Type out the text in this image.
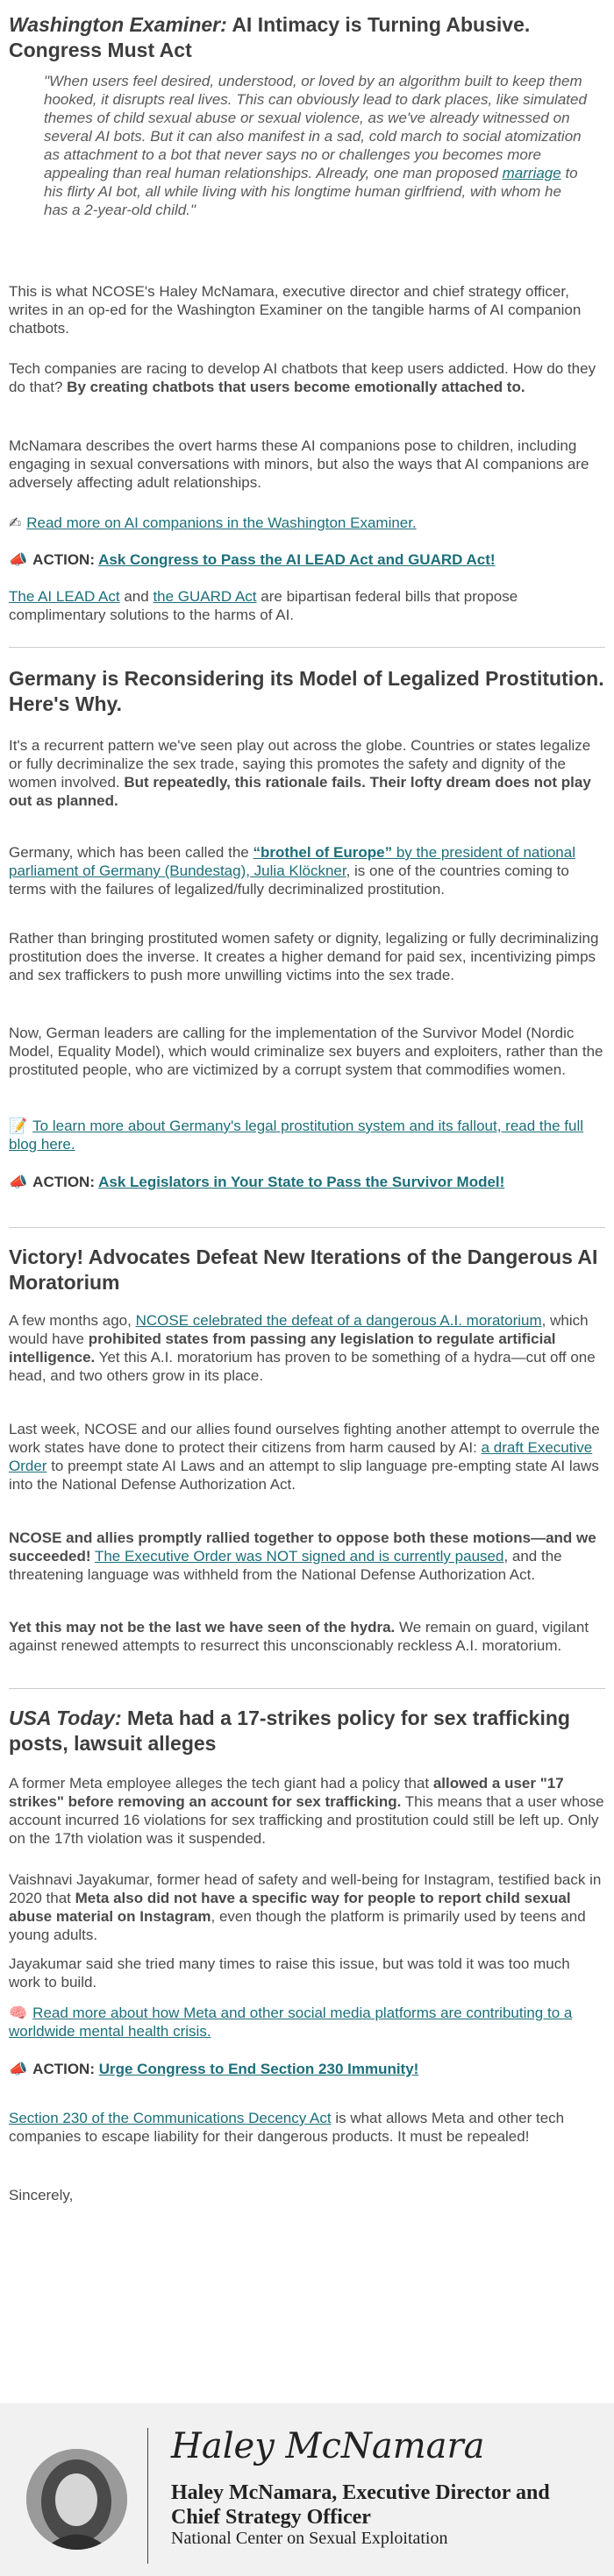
Washington Examiner: AI Intimacy is Turning Abusive. Congress Must Act

"When users feel desired, understood, or loved by an algorithm built to keep them hooked, it disrupts real lives. This can obviously lead to dark places, like simulated themes of child sexual abuse or sexual violence, as we've already witnessed on several AI bots. But it can also manifest in a sad, cold march to social atomization as attachment to a bot that never says no or challenges you becomes more appealing than real human relationships. Already, one man proposed marriage to his flirty AI bot, all while living with his longtime human girlfriend, with whom he has a 2-year-old child."

This is what NCOSE's Haley McNamara, executive director and chief strategy officer, writes in an op-ed for the Washington Examiner on the tangible harms of AI companion chatbots.

Tech companies are racing to develop AI chatbots that keep users addicted. How do they do that? By creating chatbots that users become emotionally attached to.

McNamara describes the overt harms these AI companions pose to children, including engaging in sexual conversations with minors, but also the ways that AI companions are adversely affecting adult relationships.

✍ Read more on AI companions in the Washington Examiner.

📣 ACTION: Ask Congress to Pass the AI LEAD Act and GUARD Act!

The AI LEAD Act and the GUARD Act are bipartisan federal bills that propose complimentary solutions to the harms of AI.

Germany is Reconsidering its Model of Legalized Prostitution. Here's Why.

It's a recurrent pattern we've seen play out across the globe. Countries or states legalize or fully decriminalize the sex trade, saying this promotes the safety and dignity of the women involved. But repeatedly, this rationale fails. Their lofty dream does not play out as planned.

Germany, which has been called the “brothel of Europe” by the president of national parliament of Germany (Bundestag), Julia Klöckner, is one of the countries coming to terms with the failures of legalized/fully decriminalized prostitution.

Rather than bringing prostituted women safety or dignity, legalizing or fully decriminalizing prostitution does the inverse. It creates a higher demand for paid sex, incentivizing pimps and sex traffickers to push more unwilling victims into the sex trade.

Now, German leaders are calling for the implementation of the Survivor Model (Nordic Model, Equality Model), which would criminalize sex buyers and exploiters, rather than the prostituted people, who are victimized by a corrupt system that commodifies women.

📝 To learn more about Germany's legal prostitution system and its fallout, read the full blog here.

📣 ACTION: Ask Legislators in Your State to Pass the Survivor Model!

Victory! Advocates Defeat New Iterations of the Dangerous AI Moratorium

A few months ago, NCOSE celebrated the defeat of a dangerous A.I. moratorium, which would have prohibited states from passing any legislation to regulate artificial intelligence. Yet this A.I. moratorium has proven to be something of a hydra—cut off one head, and two others grow in its place.

Last week, NCOSE and our allies found ourselves fighting another attempt to overrule the work states have done to protect their citizens from harm caused by AI: a draft Executive Order to preempt state AI Laws and an attempt to slip language pre-empting state AI laws into the National Defense Authorization Act.

NCOSE and allies promptly rallied together to oppose both these motions—and we succeeded! The Executive Order was NOT signed and is currently paused, and the threatening language was withheld from the National Defense Authorization Act.

Yet this may not be the last we have seen of the hydra. We remain on guard, vigilant against renewed attempts to resurrect this unconscionably reckless A.I. moratorium.

USA Today: Meta had a 17-strikes policy for sex trafficking posts, lawsuit alleges

A former Meta employee alleges the tech giant had a policy that allowed a user "17 strikes" before removing an account for sex trafficking. This means that a user whose account incurred 16 violations for sex trafficking and prostitution could still be left up. Only on the 17th violation was it suspended.

Vaishnavi Jayakumar, former head of safety and well-being for Instagram, testified back in 2020 that Meta also did not have a specific way for people to report child sexual abuse material on Instagram, even though the platform is primarily used by teens and young adults.

Jayakumar said she tried many times to raise this issue, but was told it was too much work to build.

🧠 Read more about how Meta and other social media platforms are contributing to a worldwide mental health crisis.

📣 ACTION: Urge Congress to End Section 230 Immunity!

Section 230 of the Communications Decency Act is what allows Meta and other tech companies to escape liability for their dangerous products. It must be repealed!

Sincerely,

Haley McNamara
Haley McNamara, Executive Director and Chief Strategy Officer
National Center on Sexual Exploitation
